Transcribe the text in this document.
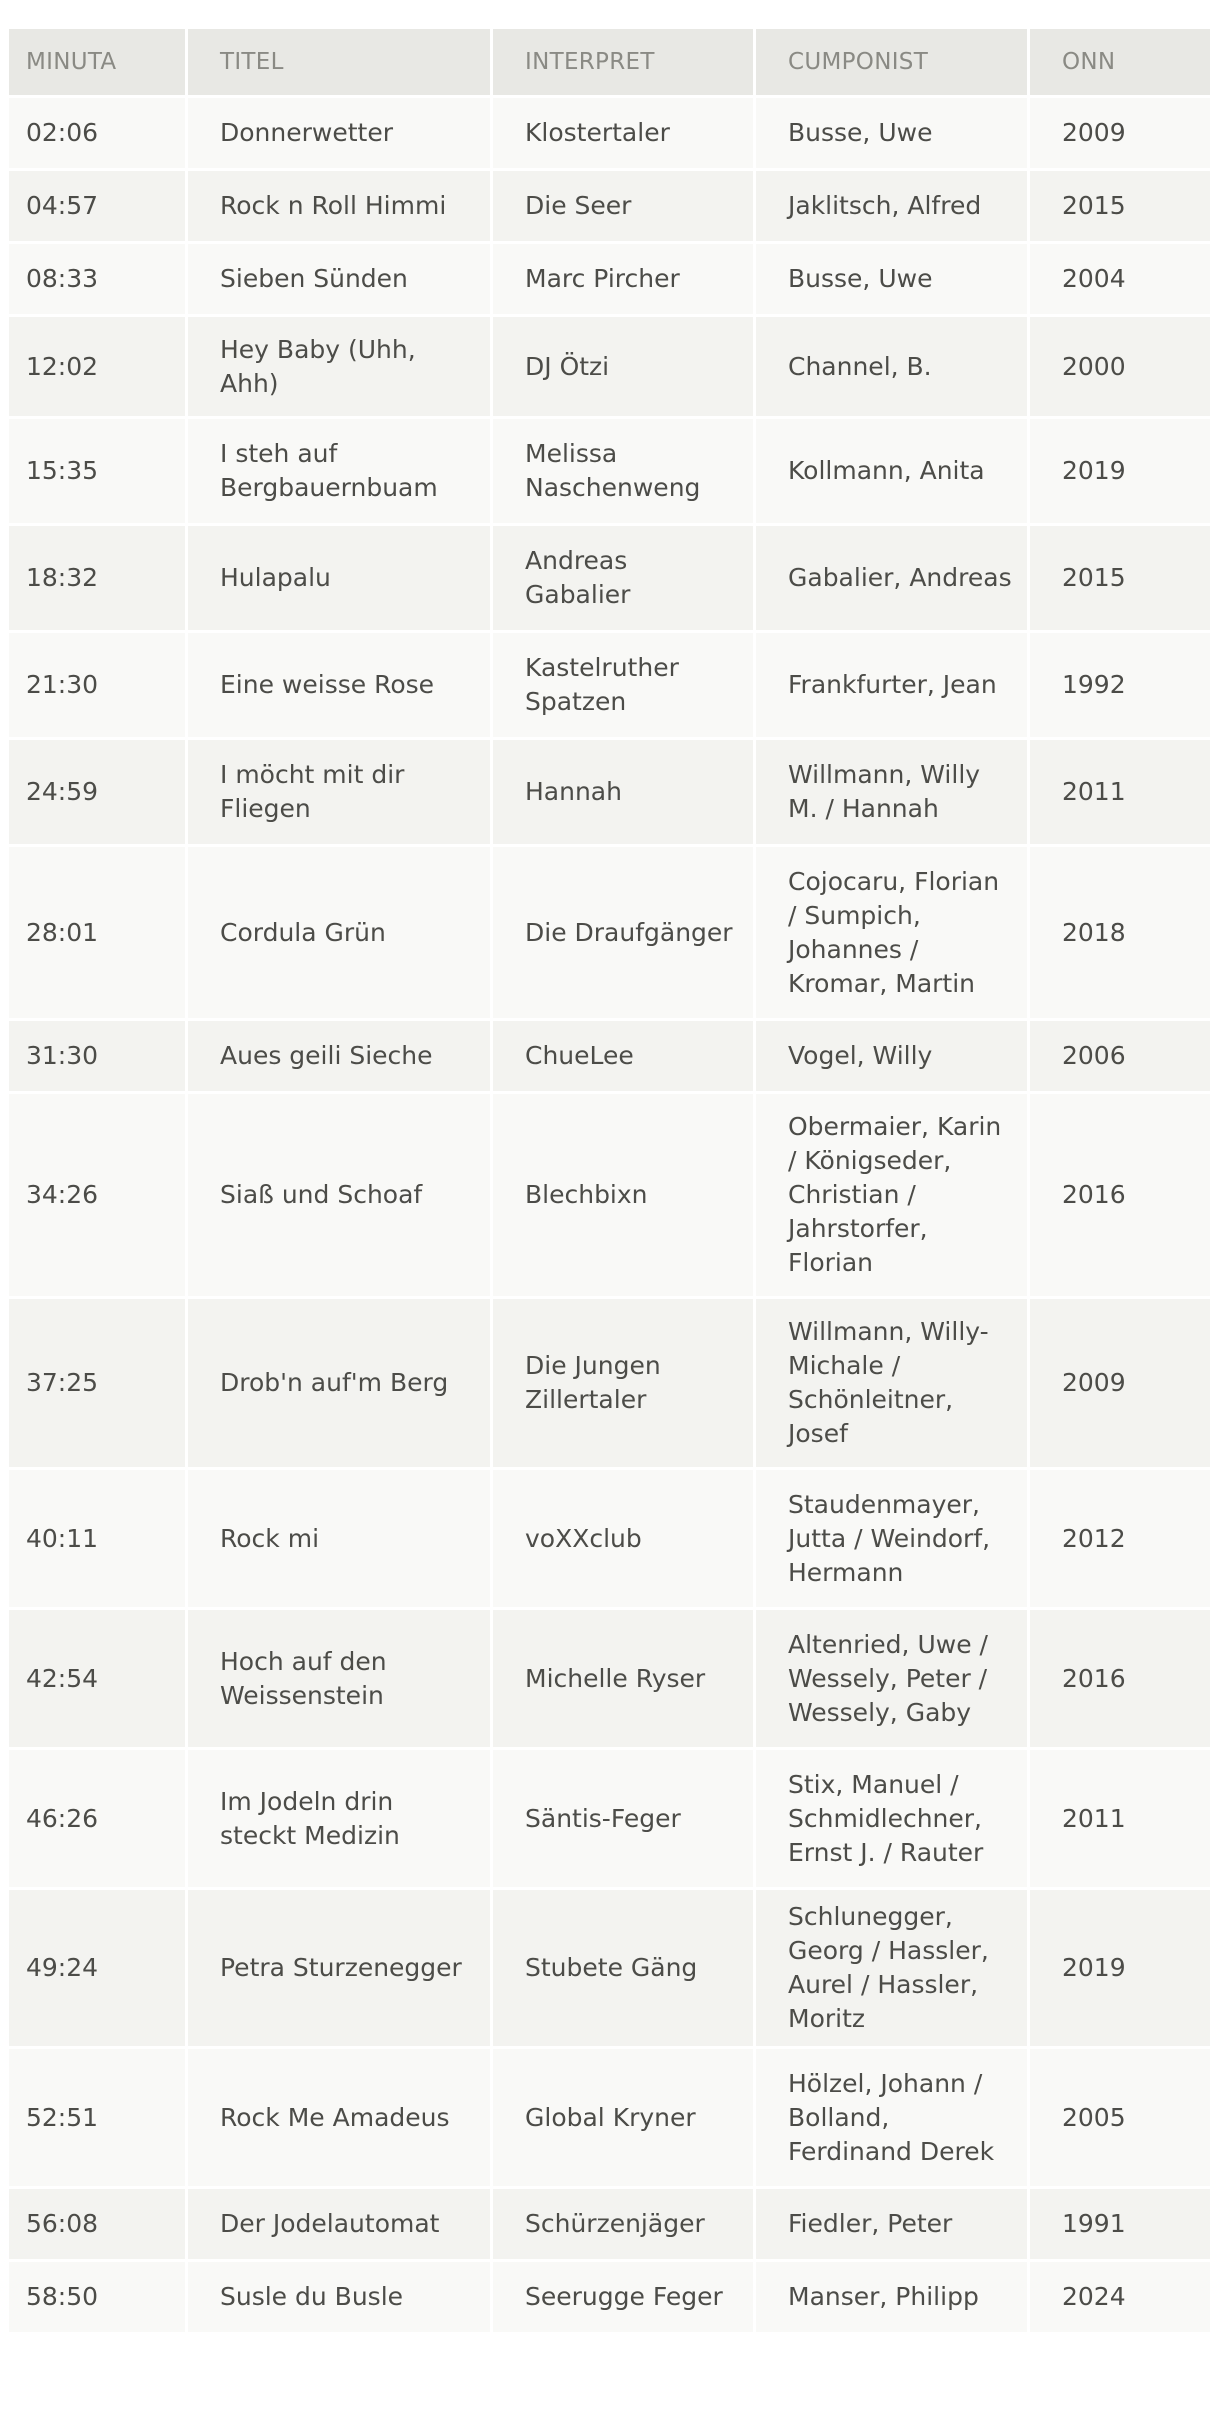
MINUTA	TITEL	INTERPRET	CUMPONIST	ONN
02:06	Donnerwetter	Klostertaler	Busse, Uwe	2009
04:57	Rock n Roll Himmi	Die Seer	Jaklitsch, Alfred	2015
08:33	Sieben Sünden	Marc Pircher	Busse, Uwe	2004
12:02	Hey Baby (Uhh, Ahh)	DJ Ötzi	Channel, B.	2000
15:35	I steh auf Bergbauernbuam	Melissa Naschenweng	Kollmann, Anita	2019
18:32	Hulapalu	Andreas Gabalier	Gabalier, Andreas	2015
21:30	Eine weisse Rose	Kastelruther Spatzen	Frankfurter, Jean	1992
24:59	I möcht mit dir Fliegen	Hannah	Willmann, Willy M. / Hannah	2011
28:01	Cordula Grün	Die Draufgänger	Cojocaru, Florian / Sumpich, Johannes / Kromar, Martin	2018
31:30	Aues geili Sieche	ChueLee	Vogel, Willy	2006
34:26	Siaß und Schoaf	Blechbixn	Obermaier, Karin / Königseder, Christian / Jahrstorfer, Florian	2016
37:25	Drob'n auf'm Berg	Die Jungen Zillertaler	Willmann, Willy-Michale / Schönleitner, Josef	2009
40:11	Rock mi	voXXclub	Staudenmayer, Jutta / Weindorf, Hermann	2012
42:54	Hoch auf den Weissenstein	Michelle Ryser	Altenried, Uwe / Wessely, Peter / Wessely, Gaby	2016
46:26	Im Jodeln drin steckt Medizin	Säntis-Feger	Stix, Manuel / Schmidlechner, Ernst J. / Rauter	2011
49:24	Petra Sturzenegger	Stubete Gäng	Schlunegger, Georg / Hassler, Aurel / Hassler, Moritz	2019
52:51	Rock Me Amadeus	Global Kryner	Hölzel, Johann / Bolland, Ferdinand Derek	2005
56:08	Der Jodelautomat	Schürzenjäger	Fiedler, Peter	1991
58:50	Susle du Busle	Seerugge Feger	Manser, Philipp	2024
